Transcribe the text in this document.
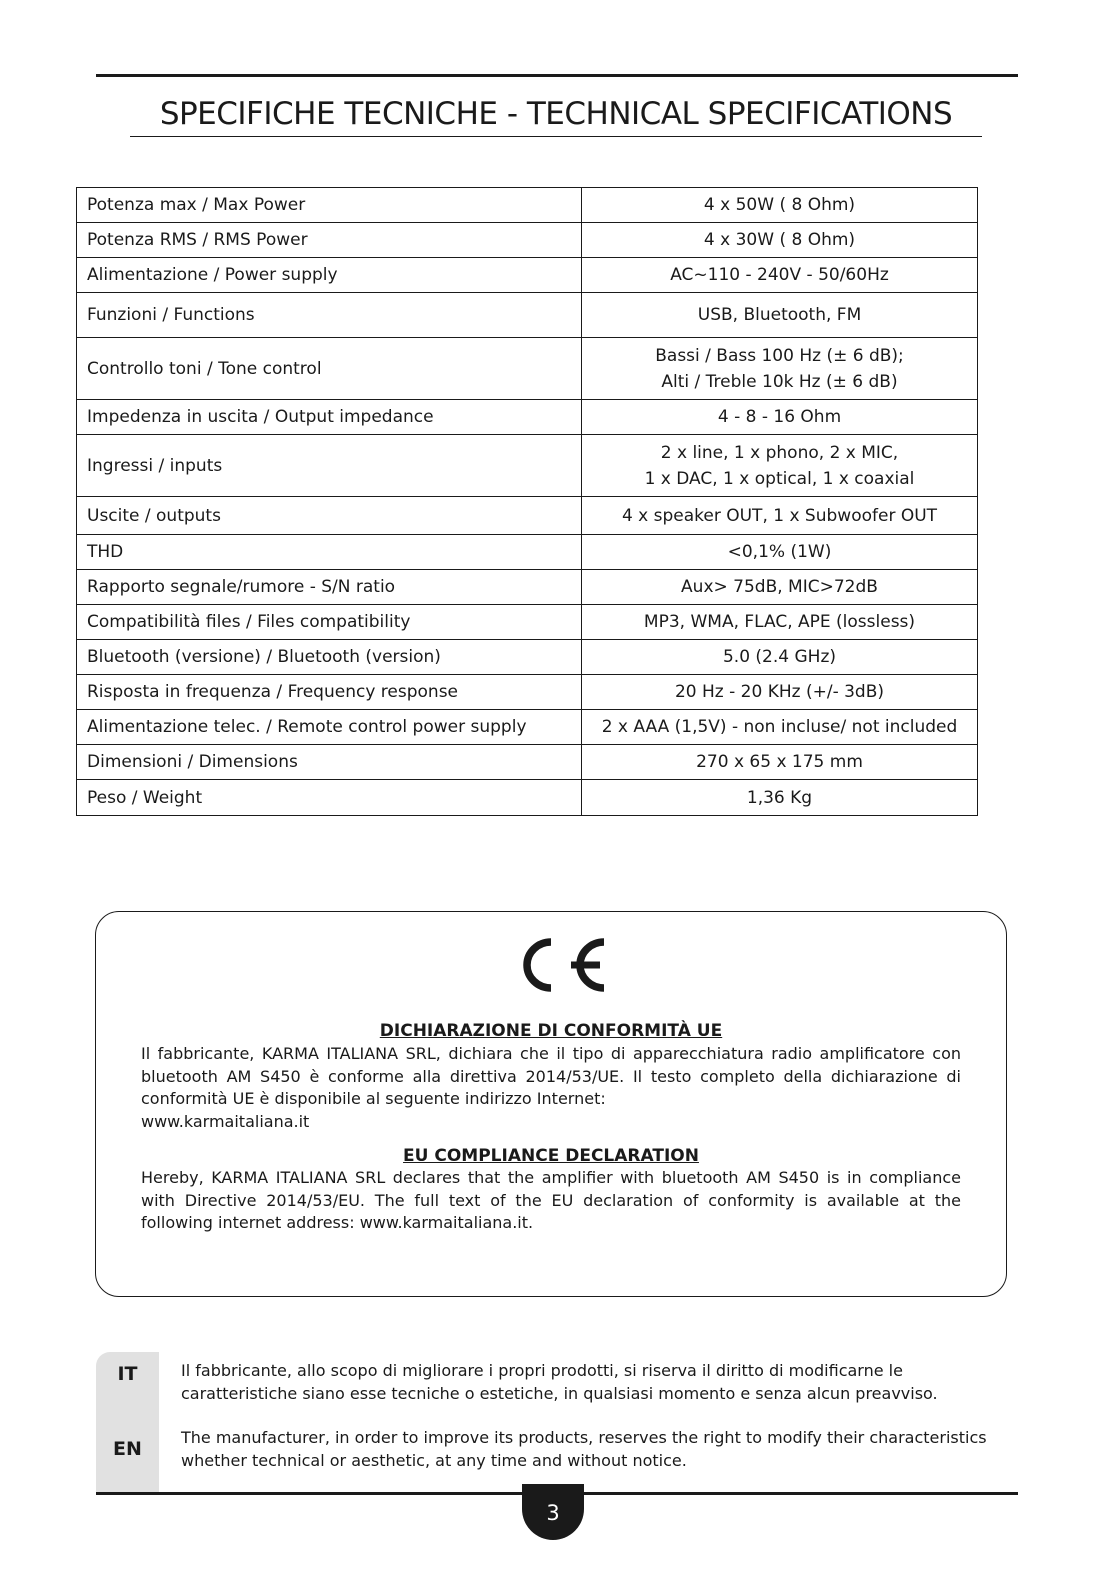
SPECIFICHE TECNICHE - TECHNICAL SPECIFICATIONS
Potenza max / Max Power	4 x 50W ( 8 Ohm)

Potenza RMS / RMS Power	4 x 30W ( 8 Ohm)

Alimentazione / Power supply	AC~110 - 240V - 50/60Hz

Funzioni / Functions	USB, Bluetooth, FM

Controllo toni / Tone control	Bassi / Bass 100 Hz (± 6 dB);
Alti / Treble 10k Hz (± 6 dB)

Impedenza in uscita / Output impedance	4 - 8 - 16 Ohm

Ingressi / inputs	2 x line, 1 x phono, 2 x MIC,
1 x DAC, 1 x optical, 1 x coaxial

Uscite / outputs	4 x speaker OUT, 1 x Subwoofer OUT

THD	<0,1% (1W)

Rapporto segnale/rumore - S/N ratio	Aux> 75dB, MIC>72dB

Compatibilità files / Files compatibility	MP3, WMA, FLAC, APE (lossless)

Bluetooth (versione) / Bluetooth (version)	5.0 (2.4 GHz)

Risposta in frequenza / Frequency response	20 Hz - 20 KHz (+/- 3dB)

Alimentazione telec. / Remote control power supply	2 x AAA (1,5V) - non incluse/ not included

Dimensioni / Dimensions	270 x 65 x 175 mm

Peso / Weight	1,36 Kg
DICHIARAZIONE DI CONFORMITÀ UE

Il fabbricante, KARMA ITALIANA SRL, dichiara che il tipo di apparecchiatura radio amplificatore con bluetooth AM S450 è conforme alla direttiva 2014/53/UE. Il testo completo della dichiarazione di conformità UE è disponibile al seguente indirizzo Internet:
www.karmaitaliana.it

EU COMPLIANCE DECLARATION

Hereby, KARMA ITALIANA SRL declares that the amplifier with bluetooth AM S450 is in compliance with Directive 2014/53/EU. The full text of the EU declaration of conformity is available at the following internet address: www.karmaitaliana.it.

IT
EN

Il fabbricante, allo scopo di migliorare i propri prodotti, si riserva il diritto di modificarne le caratteristiche siano esse tecniche o estetiche, in qualsiasi momento e senza alcun preavviso.

The manufacturer, in order to improve its products, reserves the right to modify their characteristics whether technical or aesthetic, at any time and without notice.

3
